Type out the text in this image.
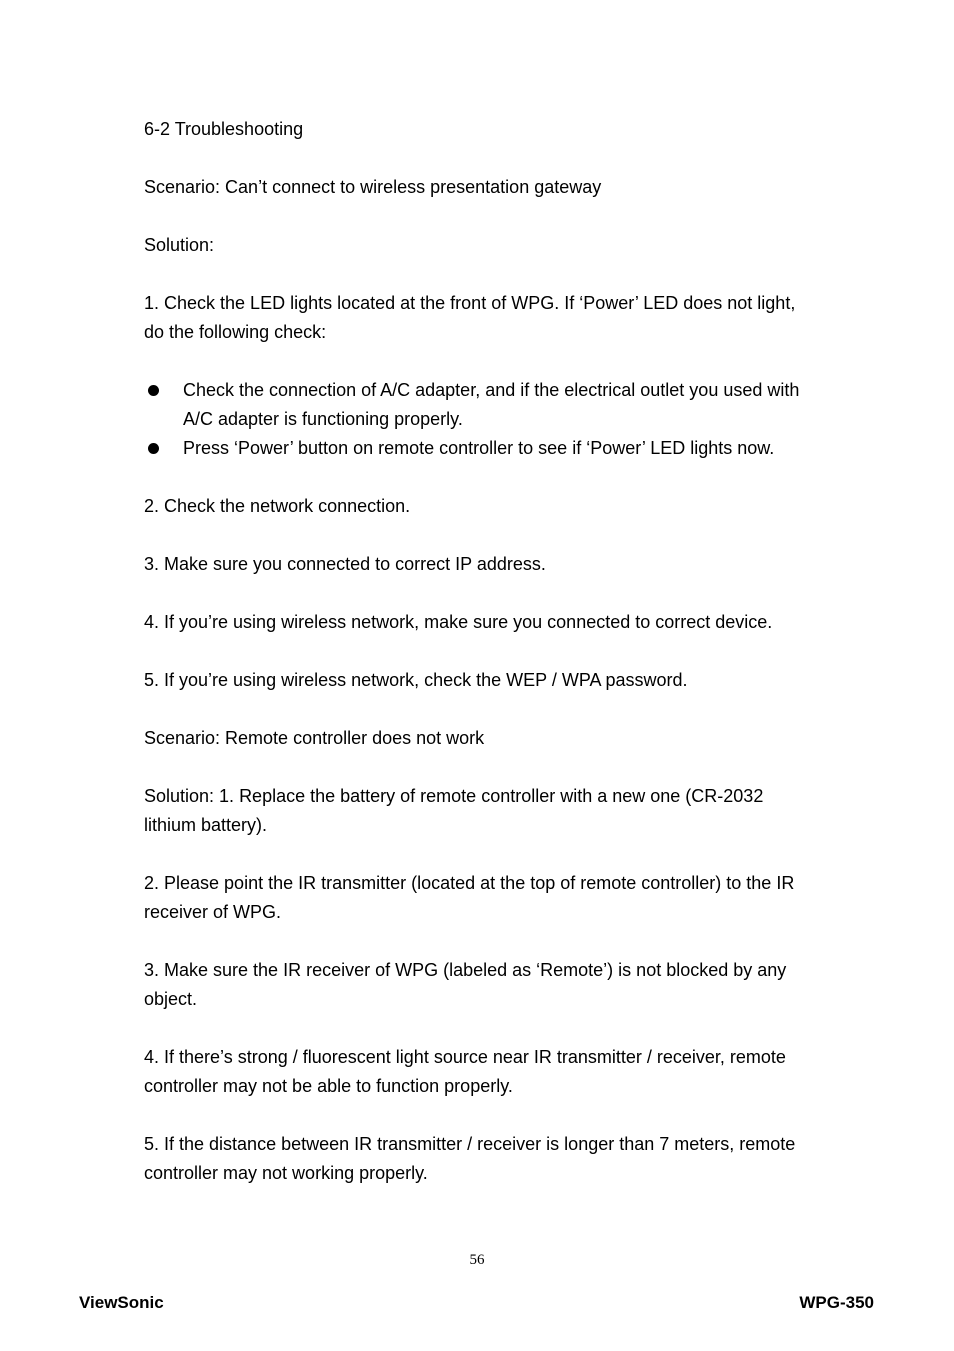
6-2 Troubleshooting

Scenario: Can’t connect to wireless presentation gateway

Solution:

1. Check the LED lights located at the front of WPG. If ‘Power’ LED does not light, do the following check:

Check the connection of A/C adapter, and if the electrical outlet you used with A/C adapter is functioning properly.
Press ‘Power’ button on remote controller to see if ‘Power’ LED lights now.

2. Check the network connection.

3. Make sure you connected to correct IP address.

4. If you’re using wireless network, make sure you connected to correct device.

5. If you’re using wireless network, check the WEP / WPA password.

Scenario: Remote controller does not work

Solution: 1. Replace the battery of remote controller with a new one (CR-2032 lithium battery).

2. Please point the IR transmitter (located at the top of remote controller) to the IR receiver of WPG.

3. Make sure the IR receiver of WPG (labeled as ‘Remote’) is not blocked by any object.

4. If there’s strong / fluorescent light source near IR transmitter / receiver, remote controller may not be able to function properly.

5. If the distance between IR transmitter / receiver is longer than 7 meters, remote controller may not working properly.

56
ViewSonic	WPG-350
